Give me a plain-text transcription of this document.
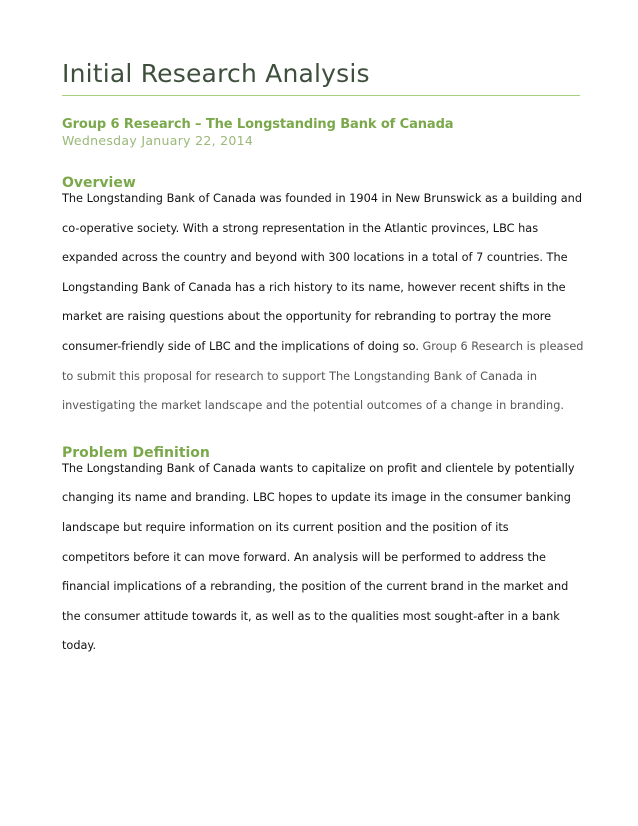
Initial Research Analysis
Group 6 Research – The Longstanding Bank of Canada
Wednesday January 22, 2014
Overview

The Longstanding Bank of Canada was founded in 1904 in New Brunswick as a building and
co-operative society. With a strong representation in the Atlantic provinces, LBC has
expanded across the country and beyond with 300 locations in a total of 7 countries. The
Longstanding Bank of Canada has a rich history to its name, however recent shifts in the
market are raising questions about the opportunity for rebranding to portray the more
consumer-friendly side of LBC and the implications of doing so. Group 6 Research is pleased
to submit this proposal for research to support The Longstanding Bank of Canada in
investigating the market landscape and the potential outcomes of a change in branding.

Problem Definition

The Longstanding Bank of Canada wants to capitalize on profit and clientele by potentially
changing its name and branding. LBC hopes to update its image in the consumer banking
landscape but require information on its current position and the position of its
competitors before it can move forward. An analysis will be performed to address the
financial implications of a rebranding, the position of the current brand in the market and
the consumer attitude towards it, as well as to the qualities most sought-after in a bank
today.
